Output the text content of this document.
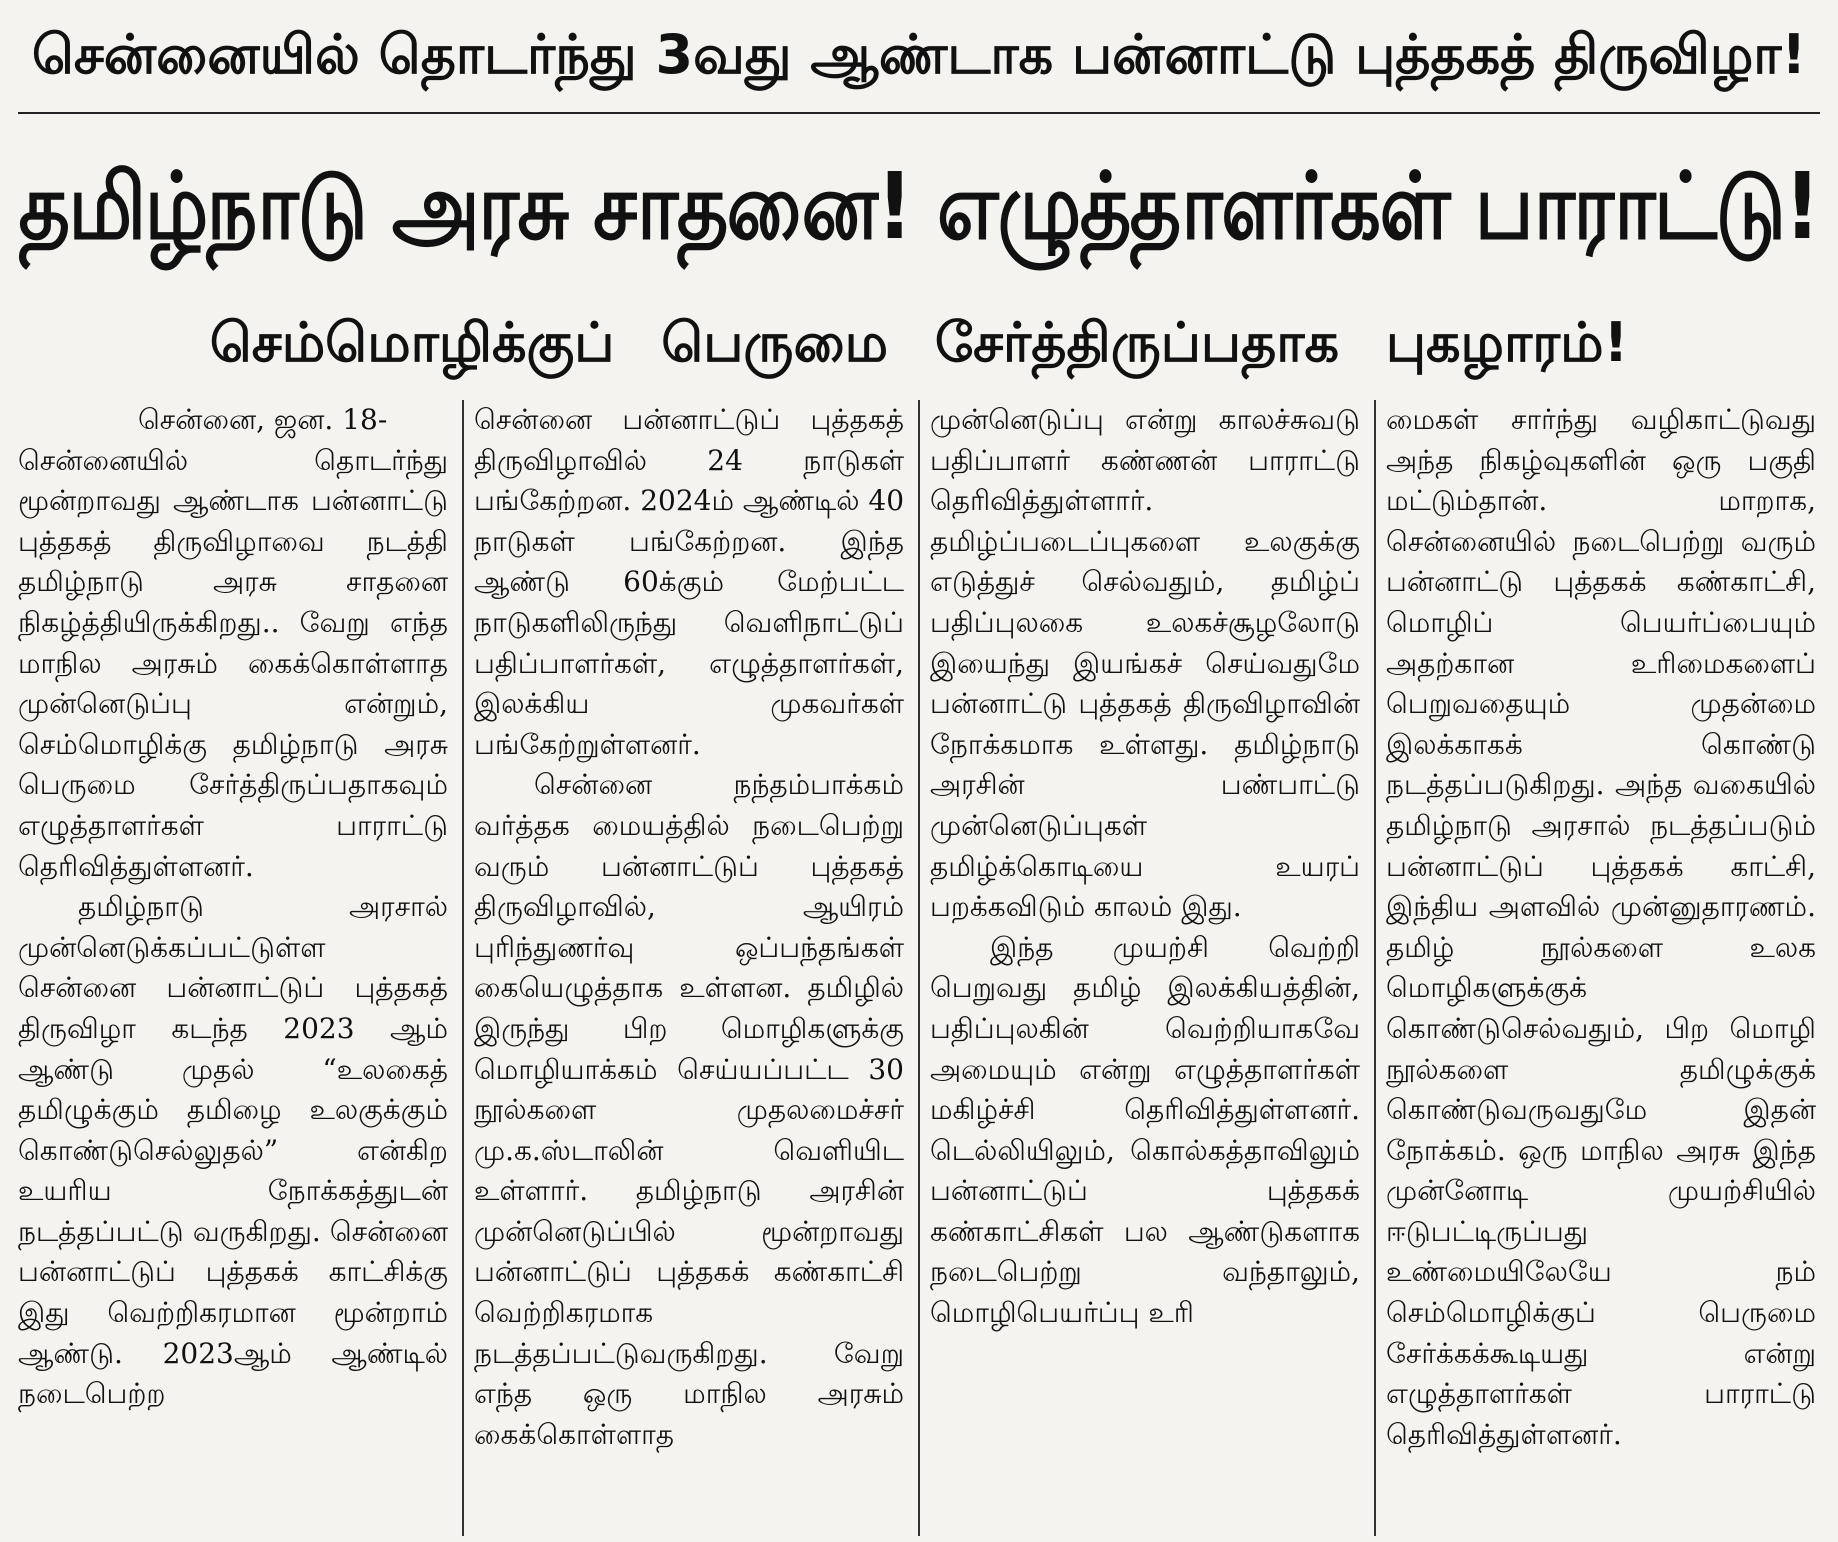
சென்னையில் தொடர்ந்து 3வது ஆண்டாக பன்னாட்டு புத்தகத் திருவிழா!
தமிழ்நாடு அரசு சாதனை! எழுத்தாளர்கள் பாராட்டு!
செம்மொழிக்குப் பெருமை சேர்த்திருப்பதாக புகழாரம்!

சென்னை, ஜன. 18-

சென்னையில் தொடர்ந்து மூன்றாவது ஆண்டாக பன்னாட்டு புத்தகத் திருவிழாவை நடத்தி தமிழ்நாடு அரசு சாதனை நிகழ்த்தியிருக்கிறது.. வேறு எந்த மாநில அரசும் கைக்கொள்ளாத முன்னெடுப்பு என்றும், செம்மொழிக்கு தமிழ்நாடு அரசு பெருமை சேர்த்திருப்பதாகவும் எழுத்தாளர்கள் பாராட்டு தெரிவித்துள்ளனர்.

தமிழ்நாடு அரசால் முன்னெடுக்கப்பட்டுள்ள சென்னை பன்னாட்டுப் புத்தகத் திருவிழா கடந்த 2023 ஆம் ஆண்டு முதல் “உலகைத் தமிழுக்கும் தமிழை உலகுக்கும் கொண்டுசெல்லுதல்” என்கிற உயரிய நோக்கத்துடன் நடத்தப்பட்டு வருகிறது. சென்னை பன்னாட்டுப் புத்தகக் காட்சிக்கு இது வெற்றிகரமான மூன்றாம் ஆண்டு. 2023ஆம் ஆண்டில் நடைபெற்ற

சென்னை பன்னாட்டுப் புத்தகத் திருவிழாவில் 24 நாடுகள் பங்கேற்றன. 2024ம் ஆண்டில் 40 நாடுகள் பங்கேற்றன. இந்த ஆண்டு 60க்கும் மேற்பட்ட நாடுகளிலிருந்து வெளிநாட்டுப் பதிப்பாளர்கள், எழுத்தாளர்கள், இலக்கிய முகவர்கள் பங்கேற்றுள்ளனர்.

சென்னை நந்தம்பாக்கம் வர்த்தக மையத்தில் நடைபெற்று வரும் பன்னாட்டுப் புத்தகத் திருவிழாவில், ஆயிரம் புரிந்துணர்வு ஒப்பந்தங்கள் கையெழுத்தாக உள்ளன. தமிழில் இருந்து பிற மொழிகளுக்கு மொழியாக்கம் செய்யப்பட்ட 30 நூல்களை முதலமைச்சர் மு.க.ஸ்டாலின் வெளியிட உள்ளார். தமிழ்நாடு அரசின் முன்னெடுப்பில் மூன்றாவது பன்னாட்டுப் புத்தகக் கண்காட்சி வெற்றிகரமாக நடத்தப்பட்டுவருகிறது. வேறு எந்த ஒரு மாநில அரசும் கைக்கொள்ளாத

முன்னெடுப்பு என்று காலச்சுவடு பதிப்பாளர் கண்ணன் பாராட்டு தெரிவித்துள்ளார். தமிழ்ப்படைப்புகளை உலகுக்கு எடுத்துச் செல்வதும், தமிழ்ப் பதிப்புலகை உலகச்சூழலோடு இயைந்து இயங்கச் செய்வதுமே பன்னாட்டு புத்தகத் திருவிழாவின் நோக்கமாக உள்ளது. தமிழ்நாடு அரசின் பண்பாட்டு முன்னெடுப்புகள் தமிழ்க்கொடியை உயரப் பறக்கவிடும் காலம் இது.

இந்த முயற்சி வெற்றி பெறுவது தமிழ் இலக்கியத்தின், பதிப்புலகின் வெற்றியாகவே அமையும் என்று எழுத்தாளர்கள் மகிழ்ச்சி தெரிவித்துள்ளனர். டெல்லியிலும், கொல்கத்தாவிலும் பன்னாட்டுப் புத்தகக் கண்காட்சிகள் பல ஆண்டுகளாக நடைபெற்று வந்தாலும், மொழிபெயர்ப்பு உரி

மைகள் சார்ந்து வழிகாட்டுவது அந்த நிகழ்வுகளின் ஒரு பகுதி மட்டும்தான். மாறாக, சென்னையில் நடைபெற்று வரும் பன்னாட்டு புத்தகக் கண்காட்சி, மொழிப் பெயர்ப்பையும் அதற்கான உரிமைகளைப் பெறுவதையும் முதன்மை இலக்காகக் கொண்டு நடத்தப்படுகிறது. அந்த வகையில் தமிழ்நாடு அரசால் நடத்தப்படும் பன்னாட்டுப் புத்தகக் காட்சி, இந்திய அளவில் முன்னுதாரணம். தமிழ் நூல்களை உலக மொழிகளுக்குக் கொண்டுசெல்வதும், பிற மொழி நூல்களை தமிழுக்குக் கொண்டுவருவதுமே இதன் நோக்கம். ஒரு மாநில அரசு இந்த முன்னோடி முயற்சியில் ஈடுபட்டிருப்பது உண்மையிலேயே நம் செம்மொழிக்குப் பெருமை சேர்க்கக்கூடியது என்று எழுத்தாளர்கள் பாராட்டு தெரிவித்துள்ளனர்.
